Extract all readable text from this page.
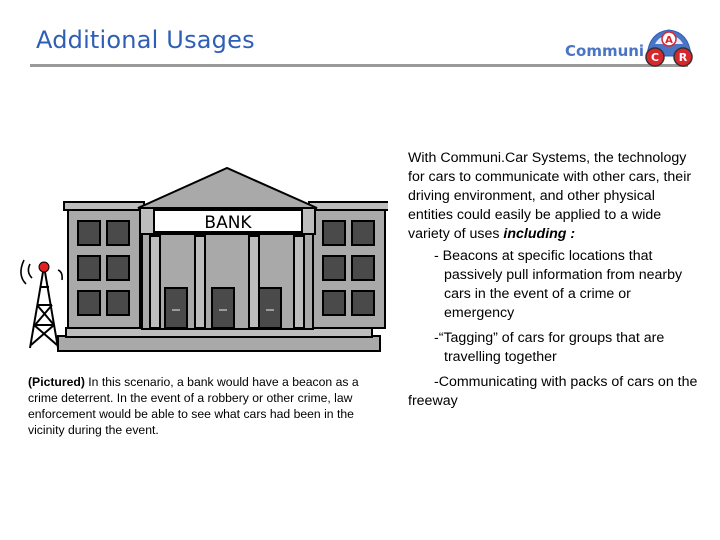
Additional Usages	Communi
A
C R
BANK
(Pictured) In this scenario, a bank would have a beacon as a crime deterrent. In the event of a robbery or other crime, law enforcement would be able to see what cars had been in the vicinity during the event.

With Communi.Car Systems, the technology for cars to communicate with other cars, their driving environment, and other physical entities could easily be applied to a wide variety of uses including :

- Beacons at specific locations that passively pull information from nearby cars in the event of a crime or emergency

-“Tagging” of cars for groups that are travelling together

-Communicating with packs of cars on the freeway
